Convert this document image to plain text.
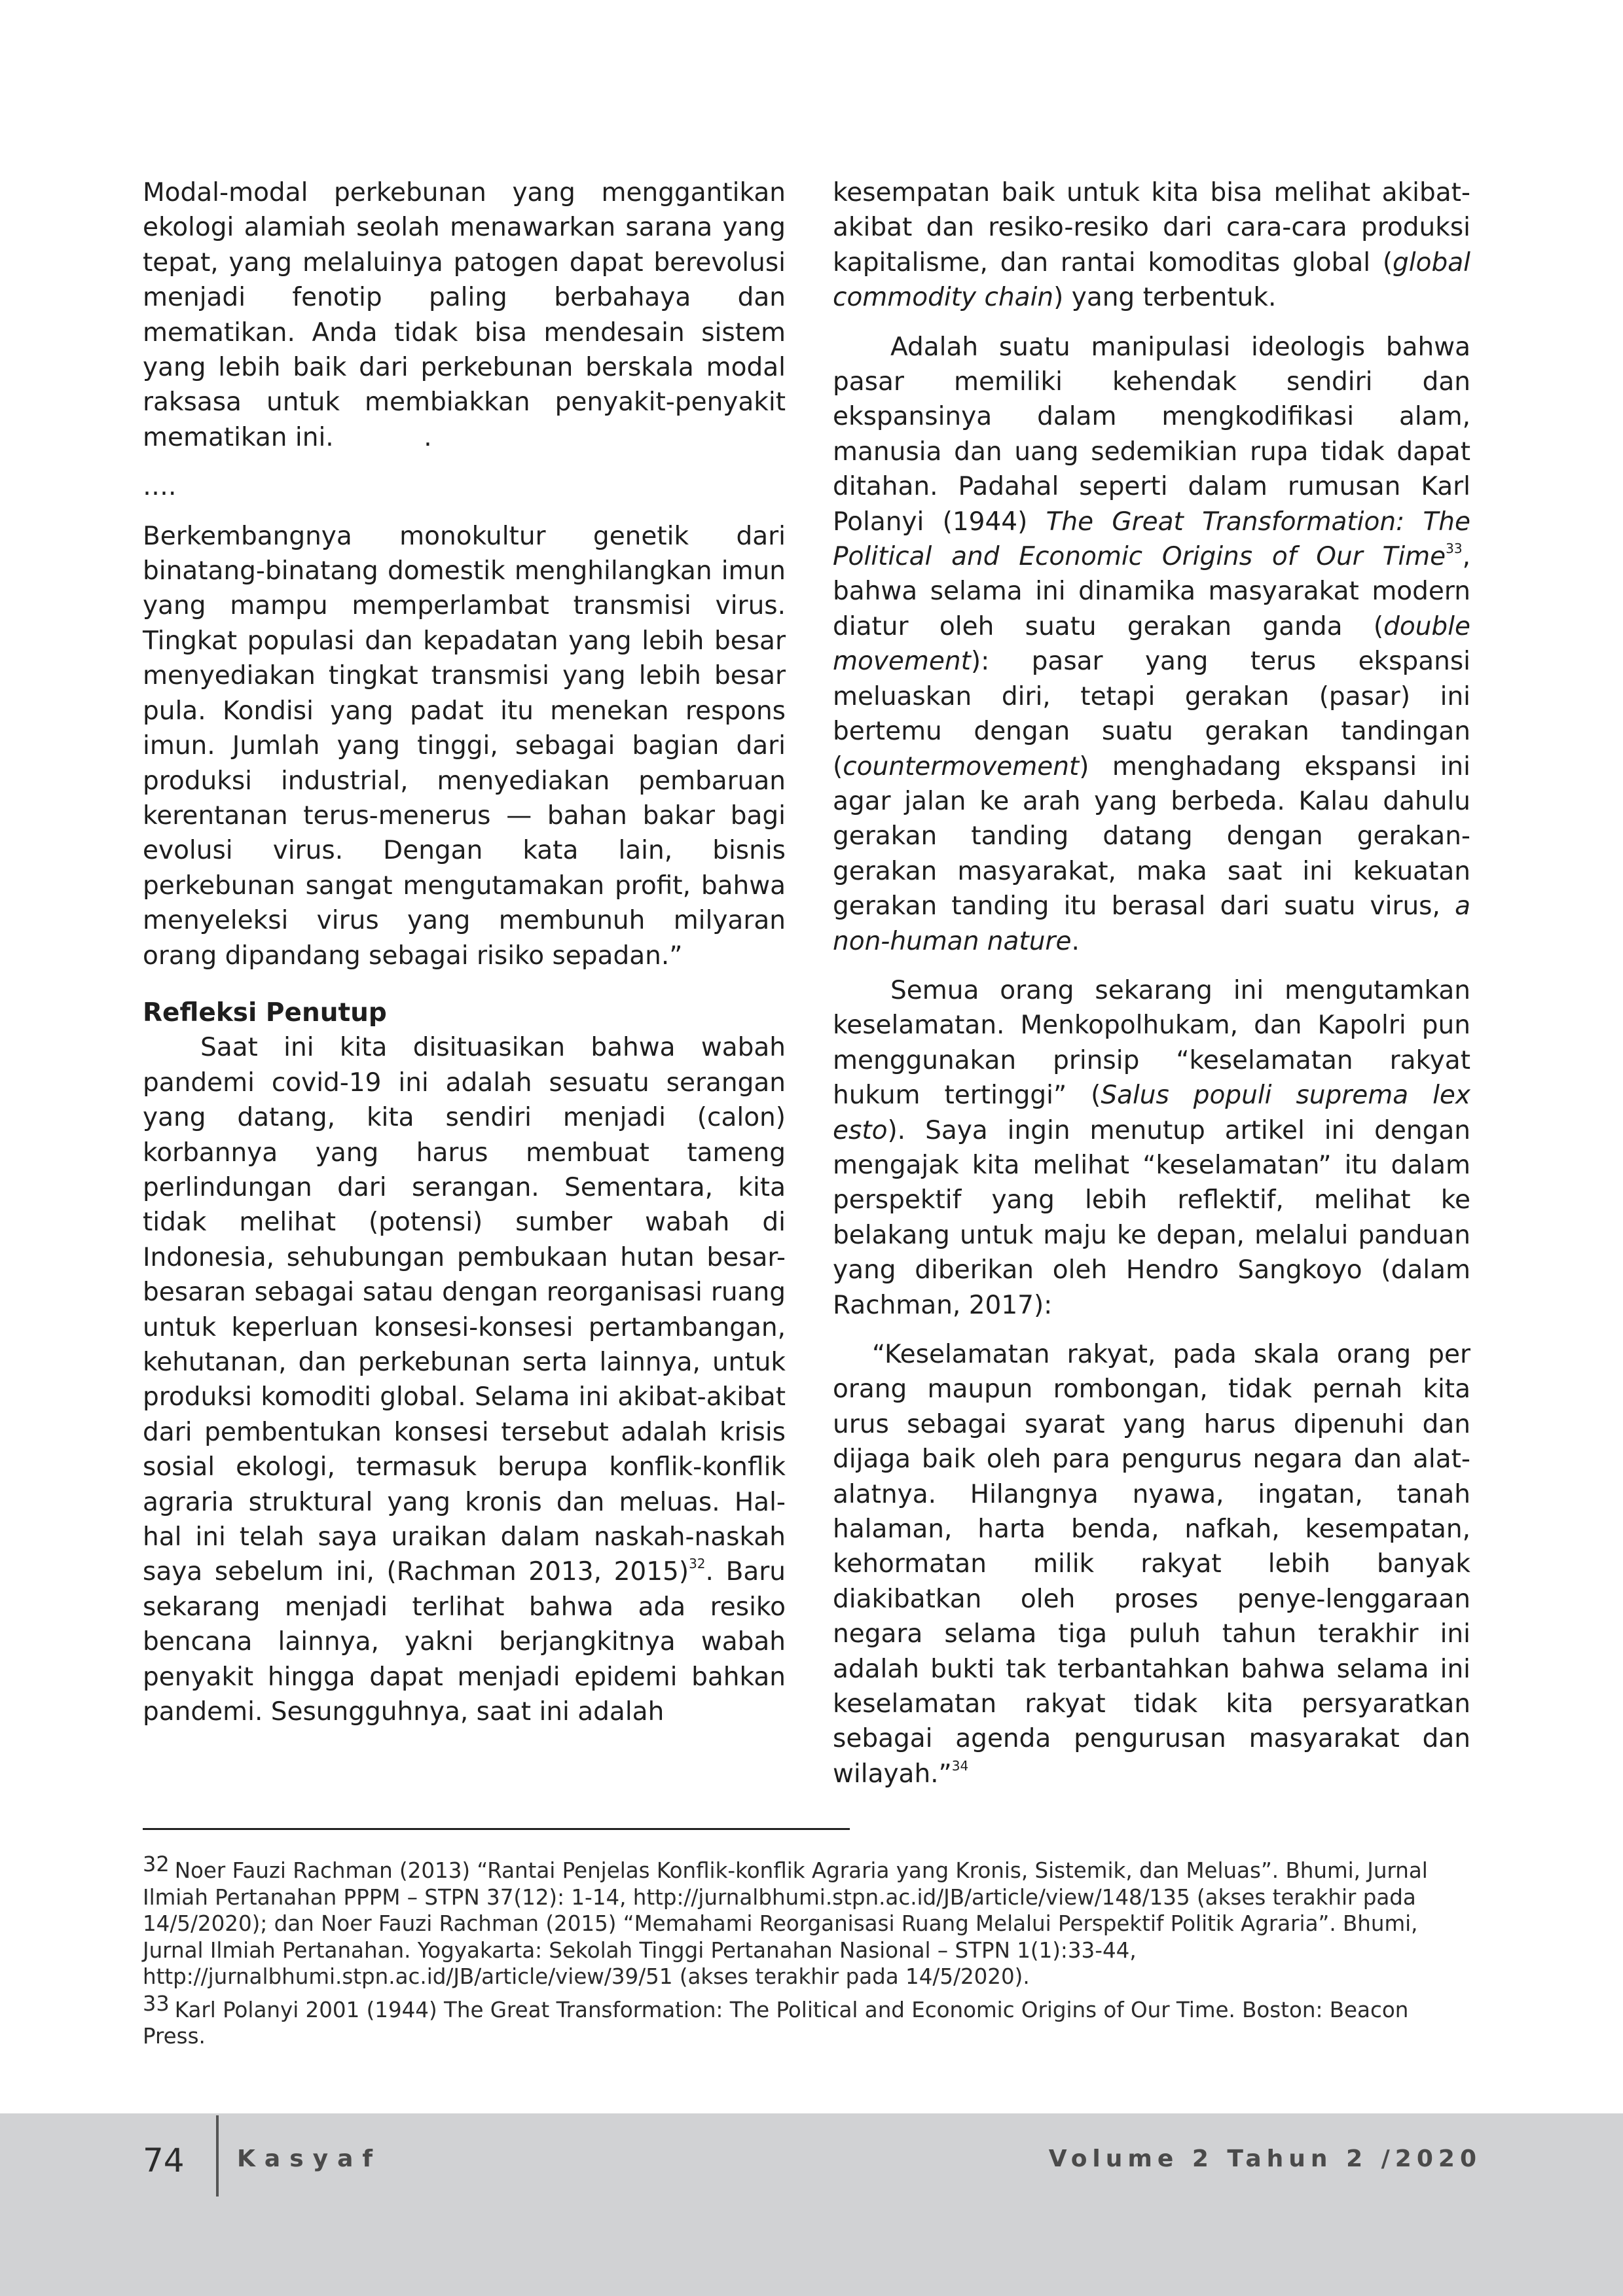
Modal-modal perkebunan yang menggantikan ekologi alamiah seolah menawarkan sarana yang tepat, yang melaluinya patogen dapat berevolusi menjadi fenotip paling berbahaya dan mematikan. Anda tidak bisa mendesain sistem yang lebih baik dari perkebunan berskala modal raksasa untuk membiakkan penyakit-penyakit mematikan ini.	.

….

Berkembangnya monokultur genetik dari binatang-binatang domestik menghilangkan imun yang mampu memperlambat transmisi virus. Tingkat populasi dan kepadatan yang lebih besar menyediakan tingkat transmisi yang lebih besar pula. Kondisi yang padat itu menekan respons imun. Jumlah yang tinggi, sebagai bagian dari produksi industrial, menyediakan pembaruan kerentanan terus-menerus — bahan bakar bagi evolusi virus. Dengan kata lain, bisnis perkebunan sangat mengutamakan profit, bahwa menyeleksi virus yang membunuh milyaran orang dipandang sebagai risiko sepadan.”

Refleksi Penutup

Saat ini kita disituasikan bahwa wabah pandemi covid-19 ini adalah sesuatu serangan yang datang, kita sendiri menjadi (calon) korbannya yang harus membuat tameng perlindungan dari serangan. Sementara, kita tidak melihat (potensi) sumber wabah di Indonesia, sehubungan pembukaan hutan besar-besaran sebagai satau dengan reorganisasi ruang untuk keperluan konsesi-konsesi pertambangan, kehutanan, dan perkebunan serta lainnya, untuk produksi komoditi global. Selama ini akibat-akibat dari pembentukan konsesi tersebut adalah krisis sosial ekologi, termasuk berupa konflik-konflik agraria struktural yang kronis dan meluas. Hal-hal ini telah saya uraikan dalam naskah-naskah saya sebelum ini, (Rachman 2013, 2015)$^{32}$. Baru sekarang menjadi terlihat bahwa ada resiko bencana lainnya, yakni berjangkitnya wabah penyakit hingga dapat menjadi epidemi bahkan pandemi. Sesungguhnya, saat ini adalah

kesempatan baik untuk kita bisa melihat akibat-akibat dan resiko-resiko dari cara-cara produksi kapitalisme, dan rantai komoditas global (global commodity chain) yang terbentuk.

Adalah suatu manipulasi ideologis bahwa pasar memiliki kehendak sendiri dan ekspansinya dalam mengkodifikasi alam, manusia dan uang sedemikian rupa tidak dapat ditahan. Padahal seperti dalam rumusan Karl Polanyi (1944) The Great Transformation: The Political and Economic Origins of Our Time$^{33}$, bahwa selama ini dinamika masyarakat modern diatur oleh suatu gerakan ganda (double movement): pasar yang terus ekspansi meluaskan diri, tetapi gerakan (pasar) ini bertemu dengan suatu gerakan tandingan (countermovement) menghadang ekspansi ini agar jalan ke arah yang berbeda. Kalau dahulu gerakan tanding datang dengan gerakan-gerakan masyarakat, maka saat ini kekuatan gerakan tanding itu berasal dari suatu virus, a non-human nature.

Semua orang sekarang ini mengutamkan keselamatan. Menkopolhukam, dan Kapolri pun menggunakan prinsip “keselamatan rakyat hukum tertinggi” (Salus populi suprema lex esto). Saya ingin menutup artikel ini dengan mengajak kita melihat “keselamatan” itu dalam perspektif yang lebih reflektif, melihat ke belakang untuk maju ke depan, melalui panduan yang diberikan oleh Hendro Sangkoyo (dalam Rachman, 2017):

“Keselamatan rakyat, pada skala orang per orang maupun rombongan, tidak pernah kita urus sebagai syarat yang harus dipenuhi dan dijaga baik oleh para pengurus negara dan alat-alatnya. Hilangnya nyawa, ingatan, tanah halaman, harta benda, nafkah, kesempatan, kehormatan milik rakyat lebih banyak diakibatkan oleh proses penye-lenggaraan negara selama tiga puluh tahun terakhir ini adalah bukti tak terbantahkan bahwa selama ini keselamatan rakyat tidak kita persyaratkan sebagai agenda pengurusan masyarakat dan wilayah.”$^{34}$

32 Noer Fauzi Rachman (2013) “Rantai Penjelas Konflik-konflik Agraria yang Kronis, Sistemik, dan Meluas”. Bhumi, Jurnal Ilmiah Pertanahan PPPM – STPN 37(12): 1-14, http://jurnalbhumi.stpn.ac.id/JB/article/view/148/135 (akses terakhir pada 14/5/2020); dan Noer Fauzi Rachman (2015) “Memahami Reorganisasi Ruang Melalui Perspektif Politik Agraria”. Bhumi, Jurnal Ilmiah Pertanahan. Yogyakarta: Sekolah Tinggi Pertanahan Nasional – STPN 1(1):33-44, http://jurnalbhumi.stpn.ac.id/JB/article/view/39/51 (akses terakhir pada 14/5/2020).

33 Karl Polanyi 2001 (1944) The Great Transformation: The Political and Economic Origins of Our Time. Boston: Beacon Press.

74 Kasyaf	Volume 2 Tahun 2 /2020
